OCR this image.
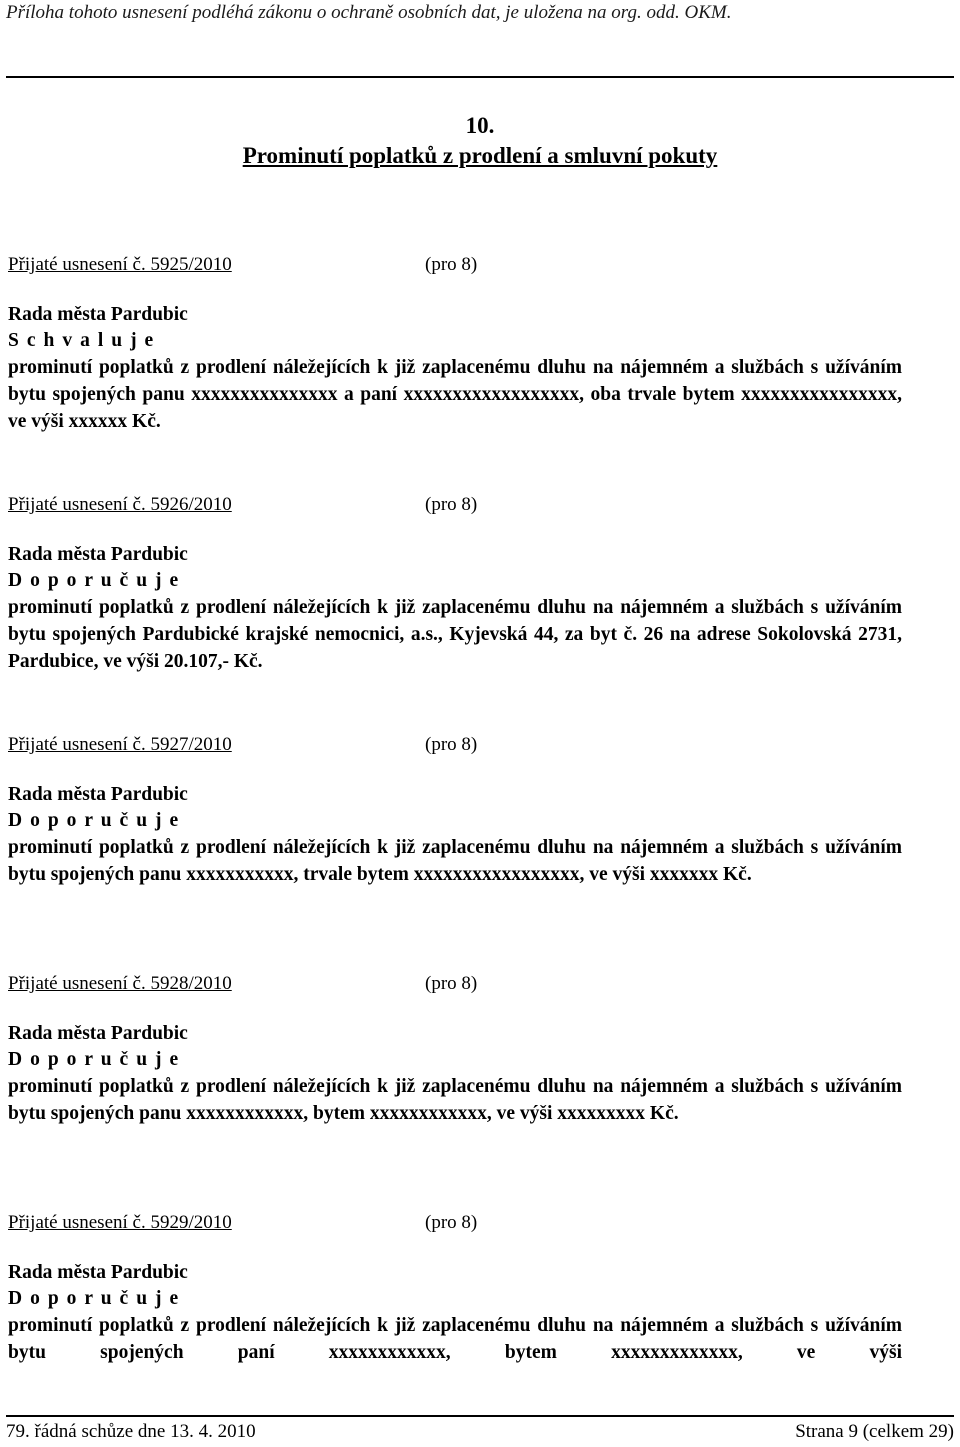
Příloha tohoto usnesení podléhá zákonu o ochraně osobních dat, je uložena na org. odd. OKM.
10.
Prominutí poplatků z prodlení a smluvní pokuty
Přijaté usnesení č. 5925/2010	(pro 8)
Rada města Pardubic
S c h v a l u j e
prominutí poplatků z prodlení náležejících k již zaplacenému dluhu na nájemném a službách s užíváním bytu spojených panu xxxxxxxxxxxxxxx a paní xxxxxxxxxxxxxxxxxx, oba trvale bytem xxxxxxxxxxxxxxxx, ve výši xxxxxx Kč.
Přijaté usnesení č. 5926/2010	(pro 8)
Rada města Pardubic
D o p o r u č u j e
prominutí poplatků z prodlení náležejících k již zaplacenému dluhu na nájemném a službách s užíváním bytu spojených Pardubické krajské nemocnici, a.s., Kyjevská 44, za byt č. 26 na adrese Sokolovská 2731, Pardubice, ve výši 20.107,- Kč.
Přijaté usnesení č. 5927/2010	(pro 8)
Rada města Pardubic
D o p o r u č u j e
prominutí poplatků z prodlení náležejících k již zaplacenému dluhu na nájemném a službách s užíváním bytu spojených panu xxxxxxxxxxx, trvale bytem xxxxxxxxxxxxxxxxx, ve výši xxxxxxx Kč.
Přijaté usnesení č. 5928/2010	(pro 8)
Rada města Pardubic
D o p o r u č u j e
prominutí poplatků z prodlení náležejících k již zaplacenému dluhu na nájemném a službách s užíváním bytu spojených panu xxxxxxxxxxxx, bytem xxxxxxxxxxxx, ve výši xxxxxxxxx Kč.
Přijaté usnesení č. 5929/2010	(pro 8)
Rada města Pardubic
D o p o r u č u j e
prominutí poplatků z prodlení náležejících k již zaplacenému dluhu na nájemném a službách s užíváním bytu spojených paní xxxxxxxxxxxx, bytem xxxxxxxxxxxxx, ve výši
79. řádná schůze dne 13. 4. 2010	Strana 9 (celkem 29)
